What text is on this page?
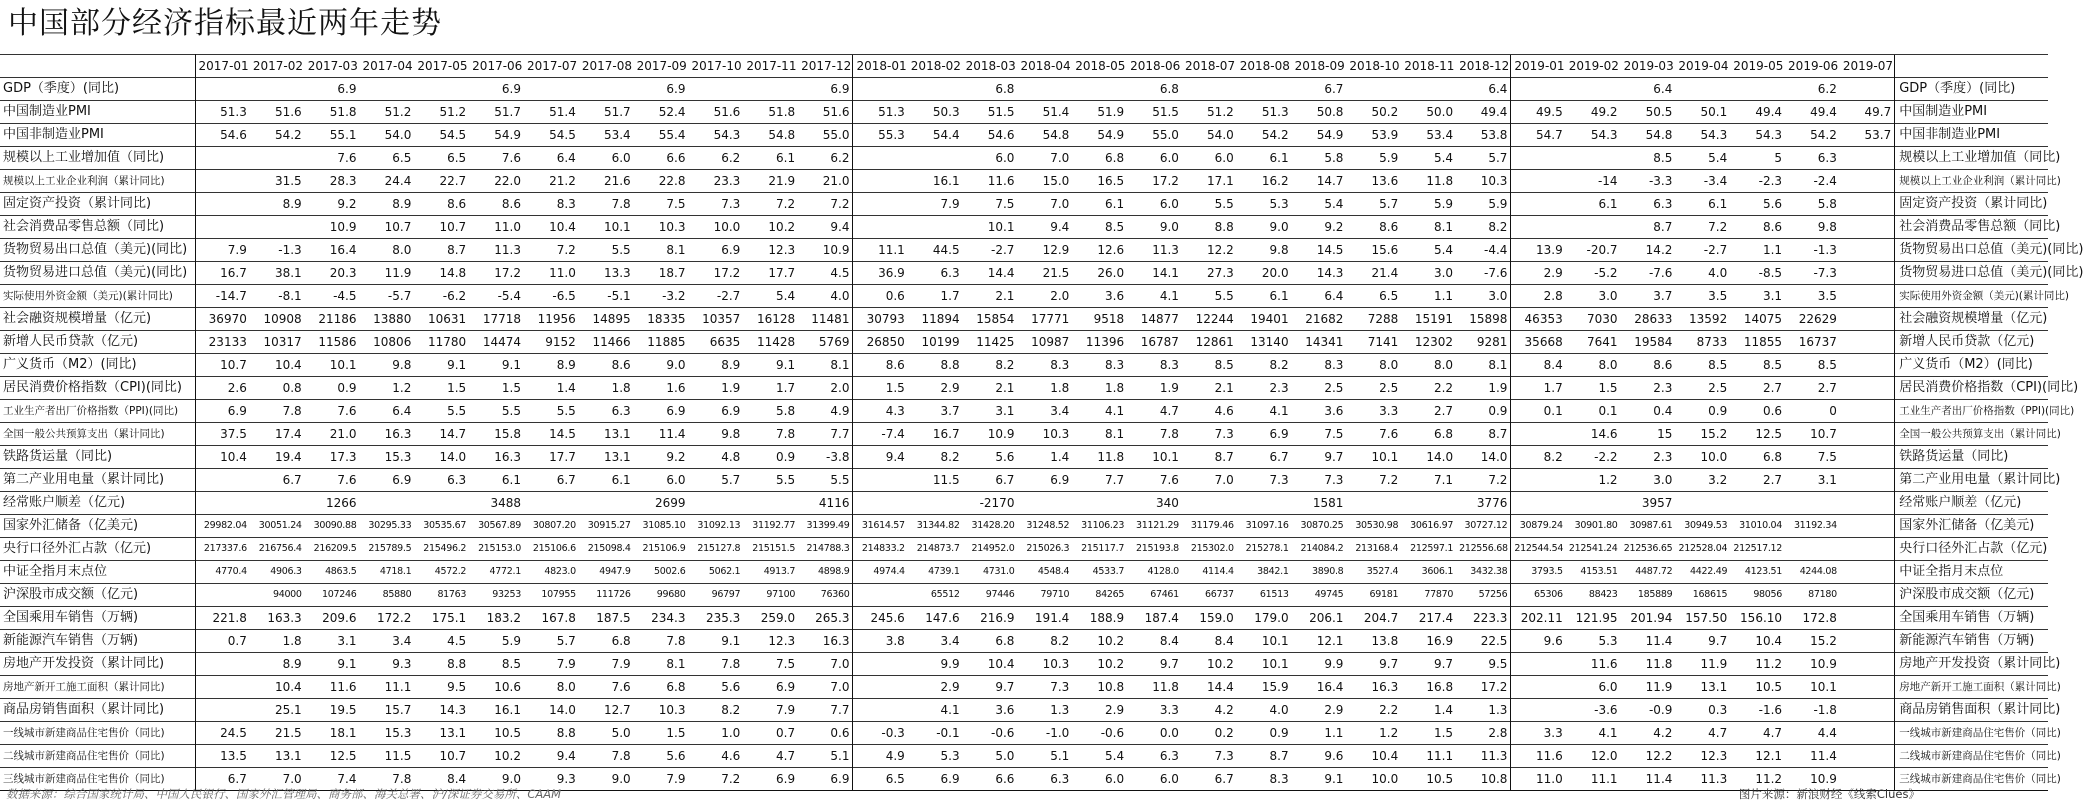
中国部分经济指标最近两年走势
	2017-01	2017-02	2017-03	2017-04	2017-05	2017-06	2017-07	2017-08	2017-09	2017-10	2017-11	2017-12	2018-01	2018-02	2018-03	2018-04	2018-05	2018-06	2018-07	2018-08	2018-09	2018-10	2018-11	2018-12	2019-01	2019-02	2019-03	2019-04	2019-05	2019-06	2019-07	
GDP（季度）(同比)			6.9			6.9			6.9			6.9			6.8			6.8			6.7			6.4			6.4			6.2		GDP（季度）(同比)
中国制造业PMI	51.3	51.6	51.8	51.2	51.2	51.7	51.4	51.7	52.4	51.6	51.8	51.6	51.3	50.3	51.5	51.4	51.9	51.5	51.2	51.3	50.8	50.2	50.0	49.4	49.5	49.2	50.5	50.1	49.4	49.4	49.7	中国制造业PMI
中国非制造业PMI	54.6	54.2	55.1	54.0	54.5	54.9	54.5	53.4	55.4	54.3	54.8	55.0	55.3	54.4	54.6	54.8	54.9	55.0	54.0	54.2	54.9	53.9	53.4	53.8	54.7	54.3	54.8	54.3	54.3	54.2	53.7	中国非制造业PMI
规模以上工业增加值（同比)			7.6	6.5	6.5	7.6	6.4	6.0	6.6	6.2	6.1	6.2			6.0	7.0	6.8	6.0	6.0	6.1	5.8	5.9	5.4	5.7			8.5	5.4	5	6.3		规模以上工业增加值（同比)
规模以上工业企业利润（累计同比)		31.5	28.3	24.4	22.7	22.0	21.2	21.6	22.8	23.3	21.9	21.0		16.1	11.6	15.0	16.5	17.2	17.1	16.2	14.7	13.6	11.8	10.3		-14	-3.3	-3.4	-2.3	-2.4		规模以上工业企业利润（累计同比)
固定资产投资（累计同比)		8.9	9.2	8.9	8.6	8.6	8.3	7.8	7.5	7.3	7.2	7.2		7.9	7.5	7.0	6.1	6.0	5.5	5.3	5.4	5.7	5.9	5.9		6.1	6.3	6.1	5.6	5.8		固定资产投资（累计同比)
社会消费品零售总额（同比)			10.9	10.7	10.7	11.0	10.4	10.1	10.3	10.0	10.2	9.4			10.1	9.4	8.5	9.0	8.8	9.0	9.2	8.6	8.1	8.2			8.7	7.2	8.6	9.8		社会消费品零售总额（同比)
货物贸易出口总值（美元)(同比)	7.9	-1.3	16.4	8.0	8.7	11.3	7.2	5.5	8.1	6.9	12.3	10.9	11.1	44.5	-2.7	12.9	12.6	11.3	12.2	9.8	14.5	15.6	5.4	-4.4	13.9	-20.7	14.2	-2.7	1.1	-1.3		货物贸易出口总值（美元)(同比)
货物贸易进口总值（美元)(同比)	16.7	38.1	20.3	11.9	14.8	17.2	11.0	13.3	18.7	17.2	17.7	4.5	36.9	6.3	14.4	21.5	26.0	14.1	27.3	20.0	14.3	21.4	3.0	-7.6	2.9	-5.2	-7.6	4.0	-8.5	-7.3		货物贸易进口总值（美元)(同比)
实际使用外资金额（美元)(累计同比)	-14.7	-8.1	-4.5	-5.7	-6.2	-5.4	-6.5	-5.1	-3.2	-2.7	5.4	4.0	0.6	1.7	2.1	2.0	3.6	4.1	5.5	6.1	6.4	6.5	1.1	3.0	2.8	3.0	3.7	3.5	3.1	3.5		实际使用外资金额（美元)(累计同比)
社会融资规模增量（亿元)	36970	10908	21186	13880	10631	17718	11956	14895	18335	10357	16128	11481	30793	11894	15854	17771	9518	14877	12244	19401	21682	7288	15191	15898	46353	7030	28633	13592	14075	22629		社会融资规模增量（亿元)
新增人民币贷款（亿元)	23133	10317	11586	10806	11780	14474	9152	11466	11885	6635	11428	5769	26850	10199	11425	10987	11396	16787	12861	13140	14341	7141	12302	9281	35668	7641	19584	8733	11855	16737		新增人民币贷款（亿元)
广义货币（M2）(同比)	10.7	10.4	10.1	9.8	9.1	9.1	8.9	8.6	9.0	8.9	9.1	8.1	8.6	8.8	8.2	8.3	8.3	8.3	8.5	8.2	8.3	8.0	8.0	8.1	8.4	8.0	8.6	8.5	8.5	8.5		广义货币（M2）(同比)
居民消费价格指数（CPI)(同比)	2.6	0.8	0.9	1.2	1.5	1.5	1.4	1.8	1.6	1.9	1.7	2.0	1.5	2.9	2.1	1.8	1.8	1.9	2.1	2.3	2.5	2.5	2.2	1.9	1.7	1.5	2.3	2.5	2.7	2.7		居民消费价格指数（CPI)(同比)
工业生产者出厂价格指数（PPI)(同比)	6.9	7.8	7.6	6.4	5.5	5.5	5.5	6.3	6.9	6.9	5.8	4.9	4.3	3.7	3.1	3.4	4.1	4.7	4.6	4.1	3.6	3.3	2.7	0.9	0.1	0.1	0.4	0.9	0.6	0		工业生产者出厂价格指数（PPI)(同比)
全国一般公共预算支出（累计同比)	37.5	17.4	21.0	16.3	14.7	15.8	14.5	13.1	11.4	9.8	7.8	7.7	-7.4	16.7	10.9	10.3	8.1	7.8	7.3	6.9	7.5	7.6	6.8	8.7		14.6	15	15.2	12.5	10.7		全国一般公共预算支出（累计同比)
铁路货运量（同比)	10.4	19.4	17.3	15.3	14.0	16.3	17.7	13.1	9.2	4.8	0.9	-3.8	9.4	8.2	5.6	1.4	11.8	10.1	8.7	6.7	9.7	10.1	14.0	14.0	8.2	-2.2	2.3	10.0	6.8	7.5		铁路货运量（同比)
第二产业用电量（累计同比)		6.7	7.6	6.9	6.3	6.1	6.7	6.1	6.0	5.7	5.5	5.5		11.5	6.7	6.9	7.7	7.6	7.0	7.3	7.3	7.2	7.1	7.2		1.2	3.0	3.2	2.7	3.1		第二产业用电量（累计同比)
经常账户顺差（亿元)			1266			3488			2699			4116			-2170			340			1581			3776			3957					经常账户顺差（亿元)
国家外汇储备（亿美元)	29982.04	30051.24	30090.88	30295.33	30535.67	30567.89	30807.20	30915.27	31085.10	31092.13	31192.77	31399.49	31614.57	31344.82	31428.20	31248.52	31106.23	31121.29	31179.46	31097.16	30870.25	30530.98	30616.97	30727.12	30879.24	30901.80	30987.61	30949.53	31010.04	31192.34		国家外汇储备（亿美元)
央行口径外汇占款（亿元)	217337.6	216756.4	216209.5	215789.5	215496.2	215153.0	215106.6	215098.4	215106.9	215127.8	215151.5	214788.3	214833.2	214873.7	214952.0	215026.3	215117.7	215193.8	215302.0	215278.1	214084.2	213168.4	212597.1	212556.68	212544.54	212541.24	212536.65	212528.04	212517.12			央行口径外汇占款（亿元)
中证全指月末点位	4770.4	4906.3	4863.5	4718.1	4572.2	4772.1	4823.0	4947.9	5002.6	5062.1	4913.7	4898.9	4974.4	4739.1	4731.0	4548.4	4533.7	4128.0	4114.4	3842.1	3890.8	3527.4	3606.1	3432.38	3793.5	4153.51	4487.72	4422.49	4123.51	4244.08		中证全指月末点位
沪深股市成交额（亿元)		94000	107246	85880	81763	93253	107955	111726	99680	96797	97100	76360		65512	97446	79710	84265	67461	66737	61513	49745	69181	77870	57256	65306	88423	185889	168615	98056	87180		沪深股市成交额（亿元)
全国乘用车销售（万辆)	221.8	163.3	209.6	172.2	175.1	183.2	167.8	187.5	234.3	235.3	259.0	265.3	245.6	147.6	216.9	191.4	188.9	187.4	159.0	179.0	206.1	204.7	217.4	223.3	202.11	121.95	201.94	157.50	156.10	172.8		全国乘用车销售（万辆)
新能源汽车销售（万辆)	0.7	1.8	3.1	3.4	4.5	5.9	5.7	6.8	7.8	9.1	12.3	16.3	3.8	3.4	6.8	8.2	10.2	8.4	8.4	10.1	12.1	13.8	16.9	22.5	9.6	5.3	11.4	9.7	10.4	15.2		新能源汽车销售（万辆)
房地产开发投资（累计同比)		8.9	9.1	9.3	8.8	8.5	7.9	7.9	8.1	7.8	7.5	7.0		9.9	10.4	10.3	10.2	9.7	10.2	10.1	9.9	9.7	9.7	9.5		11.6	11.8	11.9	11.2	10.9		房地产开发投资（累计同比)
房地产新开工施工面积（累计同比)		10.4	11.6	11.1	9.5	10.6	8.0	7.6	6.8	5.6	6.9	7.0		2.9	9.7	7.3	10.8	11.8	14.4	15.9	16.4	16.3	16.8	17.2		6.0	11.9	13.1	10.5	10.1		房地产新开工施工面积（累计同比)
商品房销售面积（累计同比)		25.1	19.5	15.7	14.3	16.1	14.0	12.7	10.3	8.2	7.9	7.7		4.1	3.6	1.3	2.9	3.3	4.2	4.0	2.9	2.2	1.4	1.3		-3.6	-0.9	0.3	-1.6	-1.8		商品房销售面积（累计同比)
一线城市新建商品住宅售价（同比)	24.5	21.5	18.1	15.3	13.1	10.5	8.8	5.0	1.5	1.0	0.7	0.6	-0.3	-0.1	-0.6	-1.0	-0.6	0.0	0.2	0.9	1.1	1.2	1.5	2.8	3.3	4.1	4.2	4.7	4.7	4.4		一线城市新建商品住宅售价（同比)
二线城市新建商品住宅售价（同比)	13.5	13.1	12.5	11.5	10.7	10.2	9.4	7.8	5.6	4.6	4.7	5.1	4.9	5.3	5.0	5.1	5.4	6.3	7.3	8.7	9.6	10.4	11.1	11.3	11.6	12.0	12.2	12.3	12.1	11.4		二线城市新建商品住宅售价（同比)
三线城市新建商品住宅售价（同比)	6.7	7.0	7.4	7.8	8.4	9.0	9.3	9.0	7.9	7.2	6.9	6.9	6.5	6.9	6.6	6.3	6.0	6.0	6.7	8.3	9.1	10.0	10.5	10.8	11.0	11.1	11.4	11.3	11.2	10.9		三线城市新建商品住宅售价（同比)
数据来源：综合国家统计局、中国人民银行、国家外汇管理局、商务部、海关总署、沪/深证券交易所、CAAM	图片来源：新浪财经《线索Clues》
